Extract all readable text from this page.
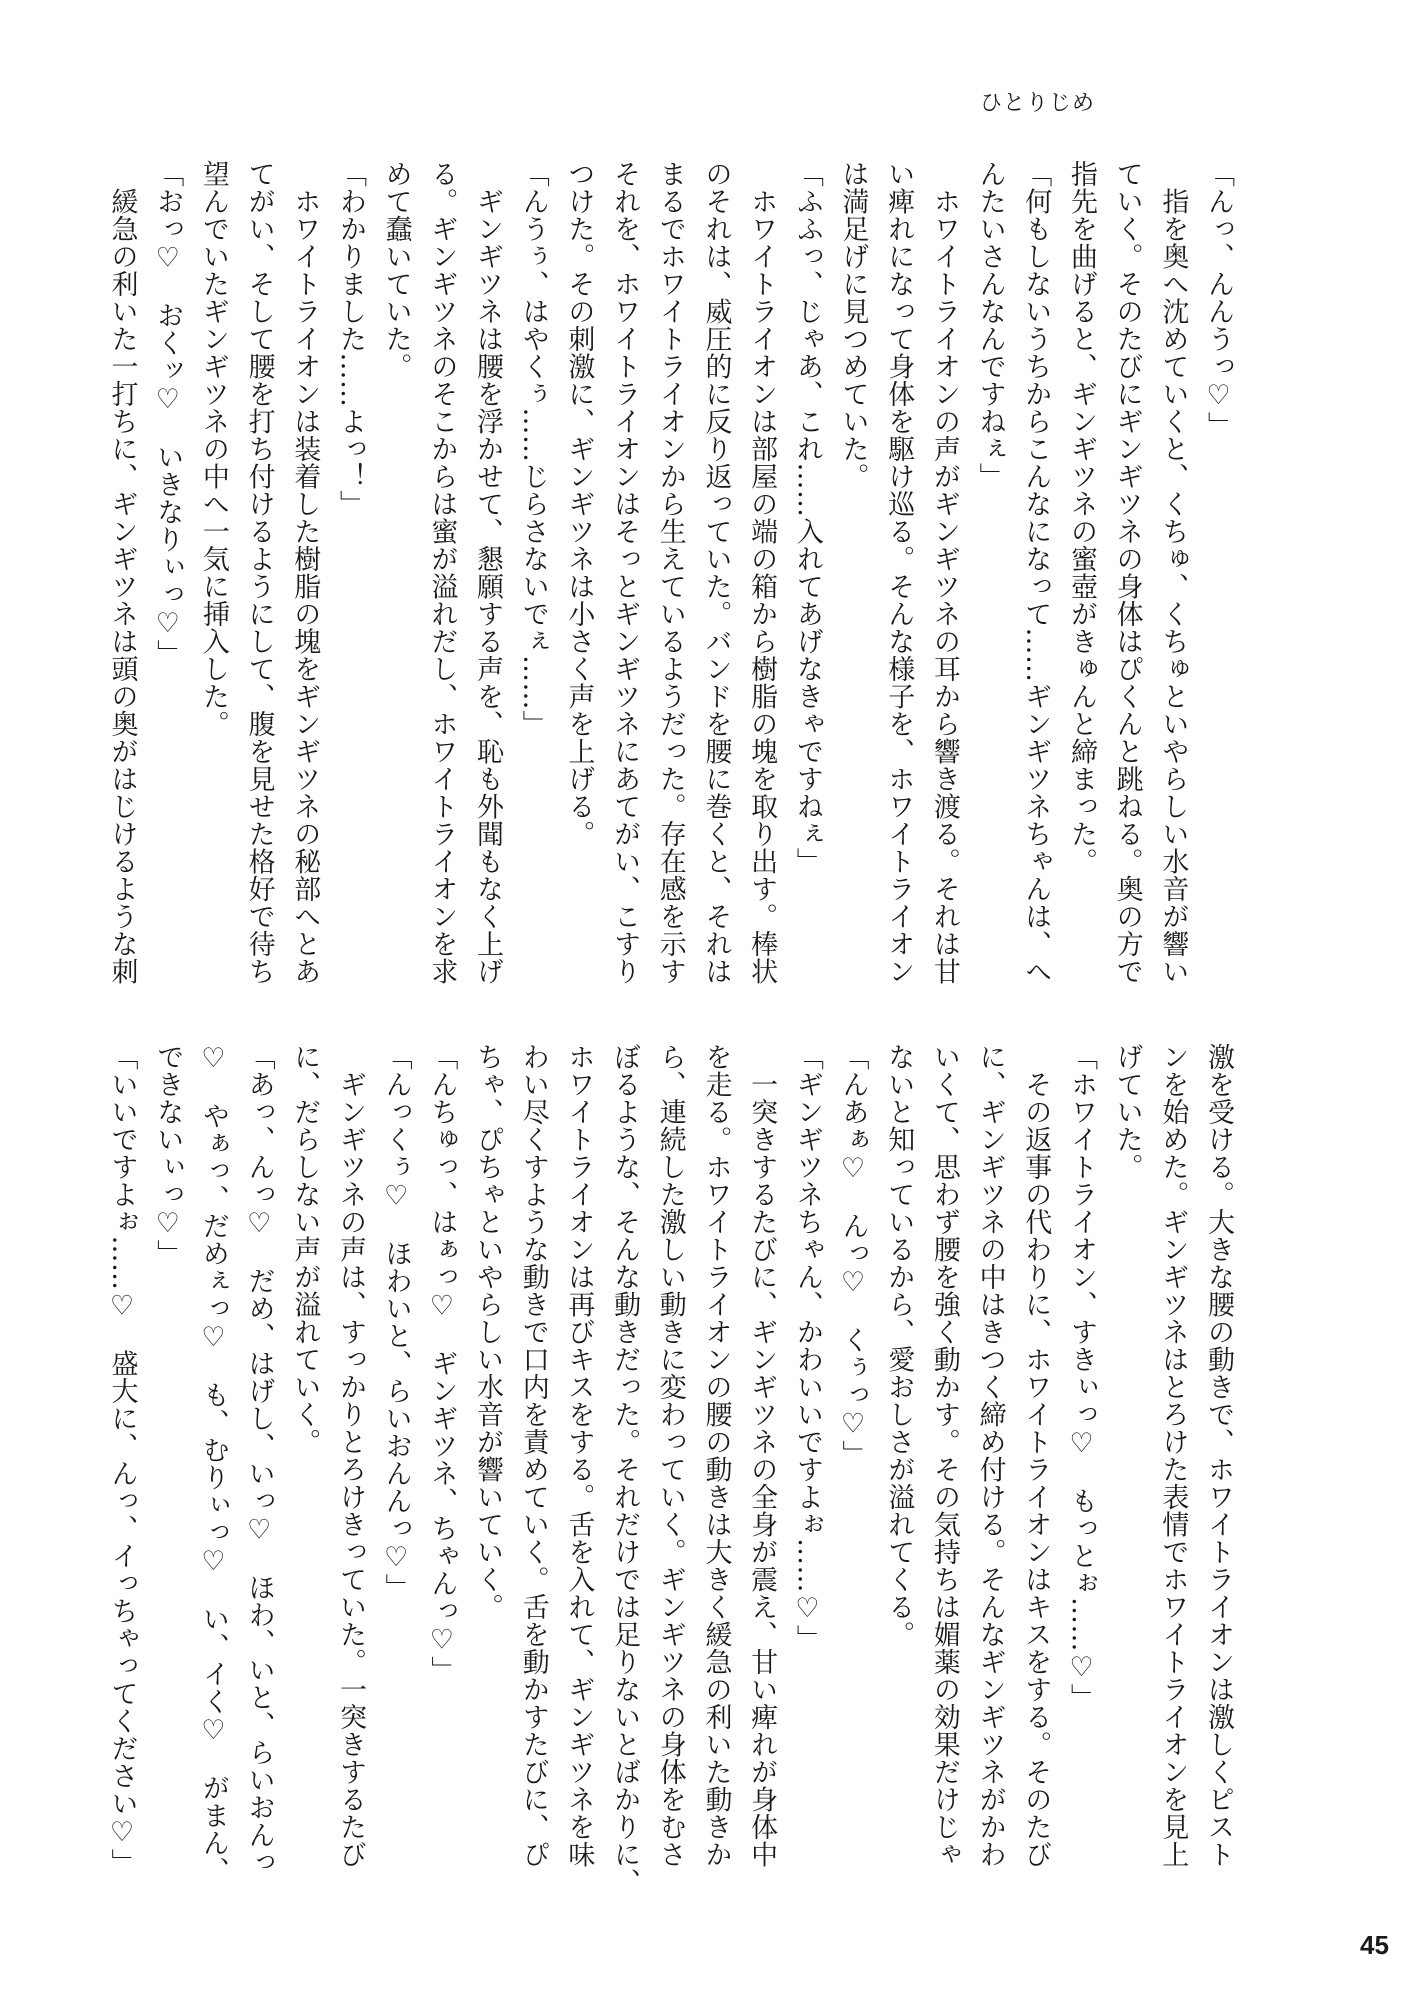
ひとりじめ
「んっ、んんうっ♡」
　指を奥へ沈めていくと、くちゅ、くちゅといやらしい水音が響い
ていく。そのたびにギンギツネの身体はぴくんと跳ねる。奥の方で
指先を曲げると、ギンギツネの蜜壺がきゅんと締まった。
「何もしないうちからこんなになって……ギンギツネちゃんは、へ
んたいさんなんですねぇ」
　ホワイトライオンの声がギンギツネの耳から響き渡る。それは甘
い痺れになって身体を駆け巡る。そんな様子を、ホワイトライオン
は満足げに見つめていた。
「ふふっ、じゃあ、これ……入れてあげなきゃですねぇ」
　ホワイトライオンは部屋の端の箱から樹脂の塊を取り出す。棒状
のそれは、威圧的に反り返っていた。バンドを腰に巻くと、それは
まるでホワイトライオンから生えているようだった。存在感を示す
それを、ホワイトライオンはそっとギンギツネにあてがい、こすり
つけた。その刺激に、ギンギツネは小さく声を上げる。
「んうぅ、はやくぅ……じらさないでぇ……」
　ギンギツネは腰を浮かせて、懇願する声を、恥も外聞もなく上げ
る。ギンギツネのそこからは蜜が溢れだし、ホワイトライオンを求
めて蠢いていた。
「わかりました……よっ！」
　ホワイトライオンは装着した樹脂の塊をギンギツネの秘部へとあ
てがい、そして腰を打ち付けるようにして、腹を見せた格好で待ち
望んでいたギンギツネの中へ一気に挿入した。
「おっ♡　おくッ♡　いきなりぃっ♡」
　緩急の利いた一打ちに、ギンギツネは頭の奥がはじけるような刺
激を受ける。大きな腰の動きで、ホワイトライオンは激しくピスト
ンを始めた。ギンギツネはとろけた表情でホワイトライオンを見上
げていた。
「ホワイトライオン、すきぃっ♡　もっとぉ……♡」
　その返事の代わりに、ホワイトライオンはキスをする。そのたび
に、ギンギツネの中はきつく締め付ける。そんなギンギツネがかわ
いくて、思わず腰を強く動かす。その気持ちは媚薬の効果だけじゃ
ないと知っているから、愛おしさが溢れてくる。
「んあぁ♡　んっ♡　くぅっ♡」
「ギンギツネちゃん、かわいいですよぉ……♡」
　一突きするたびに、ギンギツネの全身が震え、甘い痺れが身体中
を走る。ホワイトライオンの腰の動きは大きく緩急の利いた動きか
ら、連続した激しい動きに変わっていく。ギンギツネの身体をむさ
ぼるような、そんな動きだった。それだけでは足りないとばかりに、
ホワイトライオンは再びキスをする。舌を入れて、ギンギツネを味
わい尽くすような動きで口内を責めていく。舌を動かすたびに、ぴ
ちゃ、ぴちゃといやらしい水音が響いていく。
「んちゅっ、はぁっ♡　ギンギツネ、ちゃんっ♡」
「んっくぅ♡　ほわいと、らいおんんっ♡」
　ギンギツネの声は、すっかりとろけきっていた。一突きするたび
に、だらしない声が溢れていく。
「あっ、んっ♡　だめ、はげし、いっ♡　ほわ、いと、らいおんっ
♡　やぁっ、だめぇっ♡　も、むりぃっ♡　い、イく♡　がまん、
できないぃっ♡」
「いいですよぉ……♡　盛大に、んっ、イっちゃってください♡」
45
